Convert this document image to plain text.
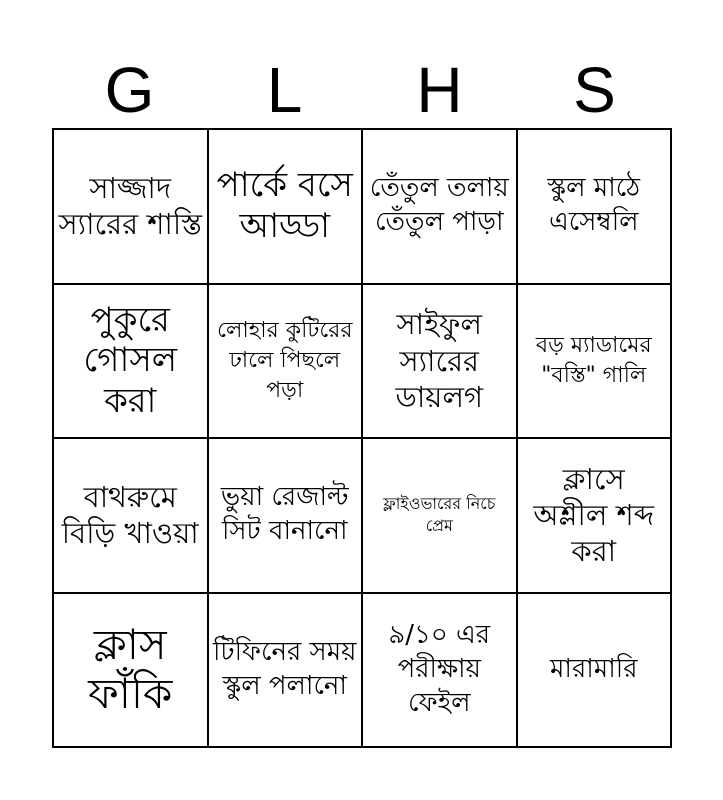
G	L	H	S
সাজ্জাদ স্যারের শাস্তি
পার্কে বসে আড্ডা
তেঁতুল তলায় তেঁতুল পাড়া
স্কুল মাঠে এসেম্বলি
পুকুরে গোসল করা
লোহার কুটিরের ঢালে পিছলে পড়া
সাইফুল স্যারের ডায়লগ
বড় ম্যাডামের "বস্তি" গালি
বাথরুমে বিড়ি খাওয়া
ভুয়া রেজাল্ট সিট বানানো
ফ্লাইওভারের নিচে প্রেম
ক্লাসে অশ্লীল শব্দ করা
ক্লাস ফাঁকি
টিফিনের সময় স্কুল পলানো
৯/১০ এর পরীক্ষায় ফেইল
মারামারি
